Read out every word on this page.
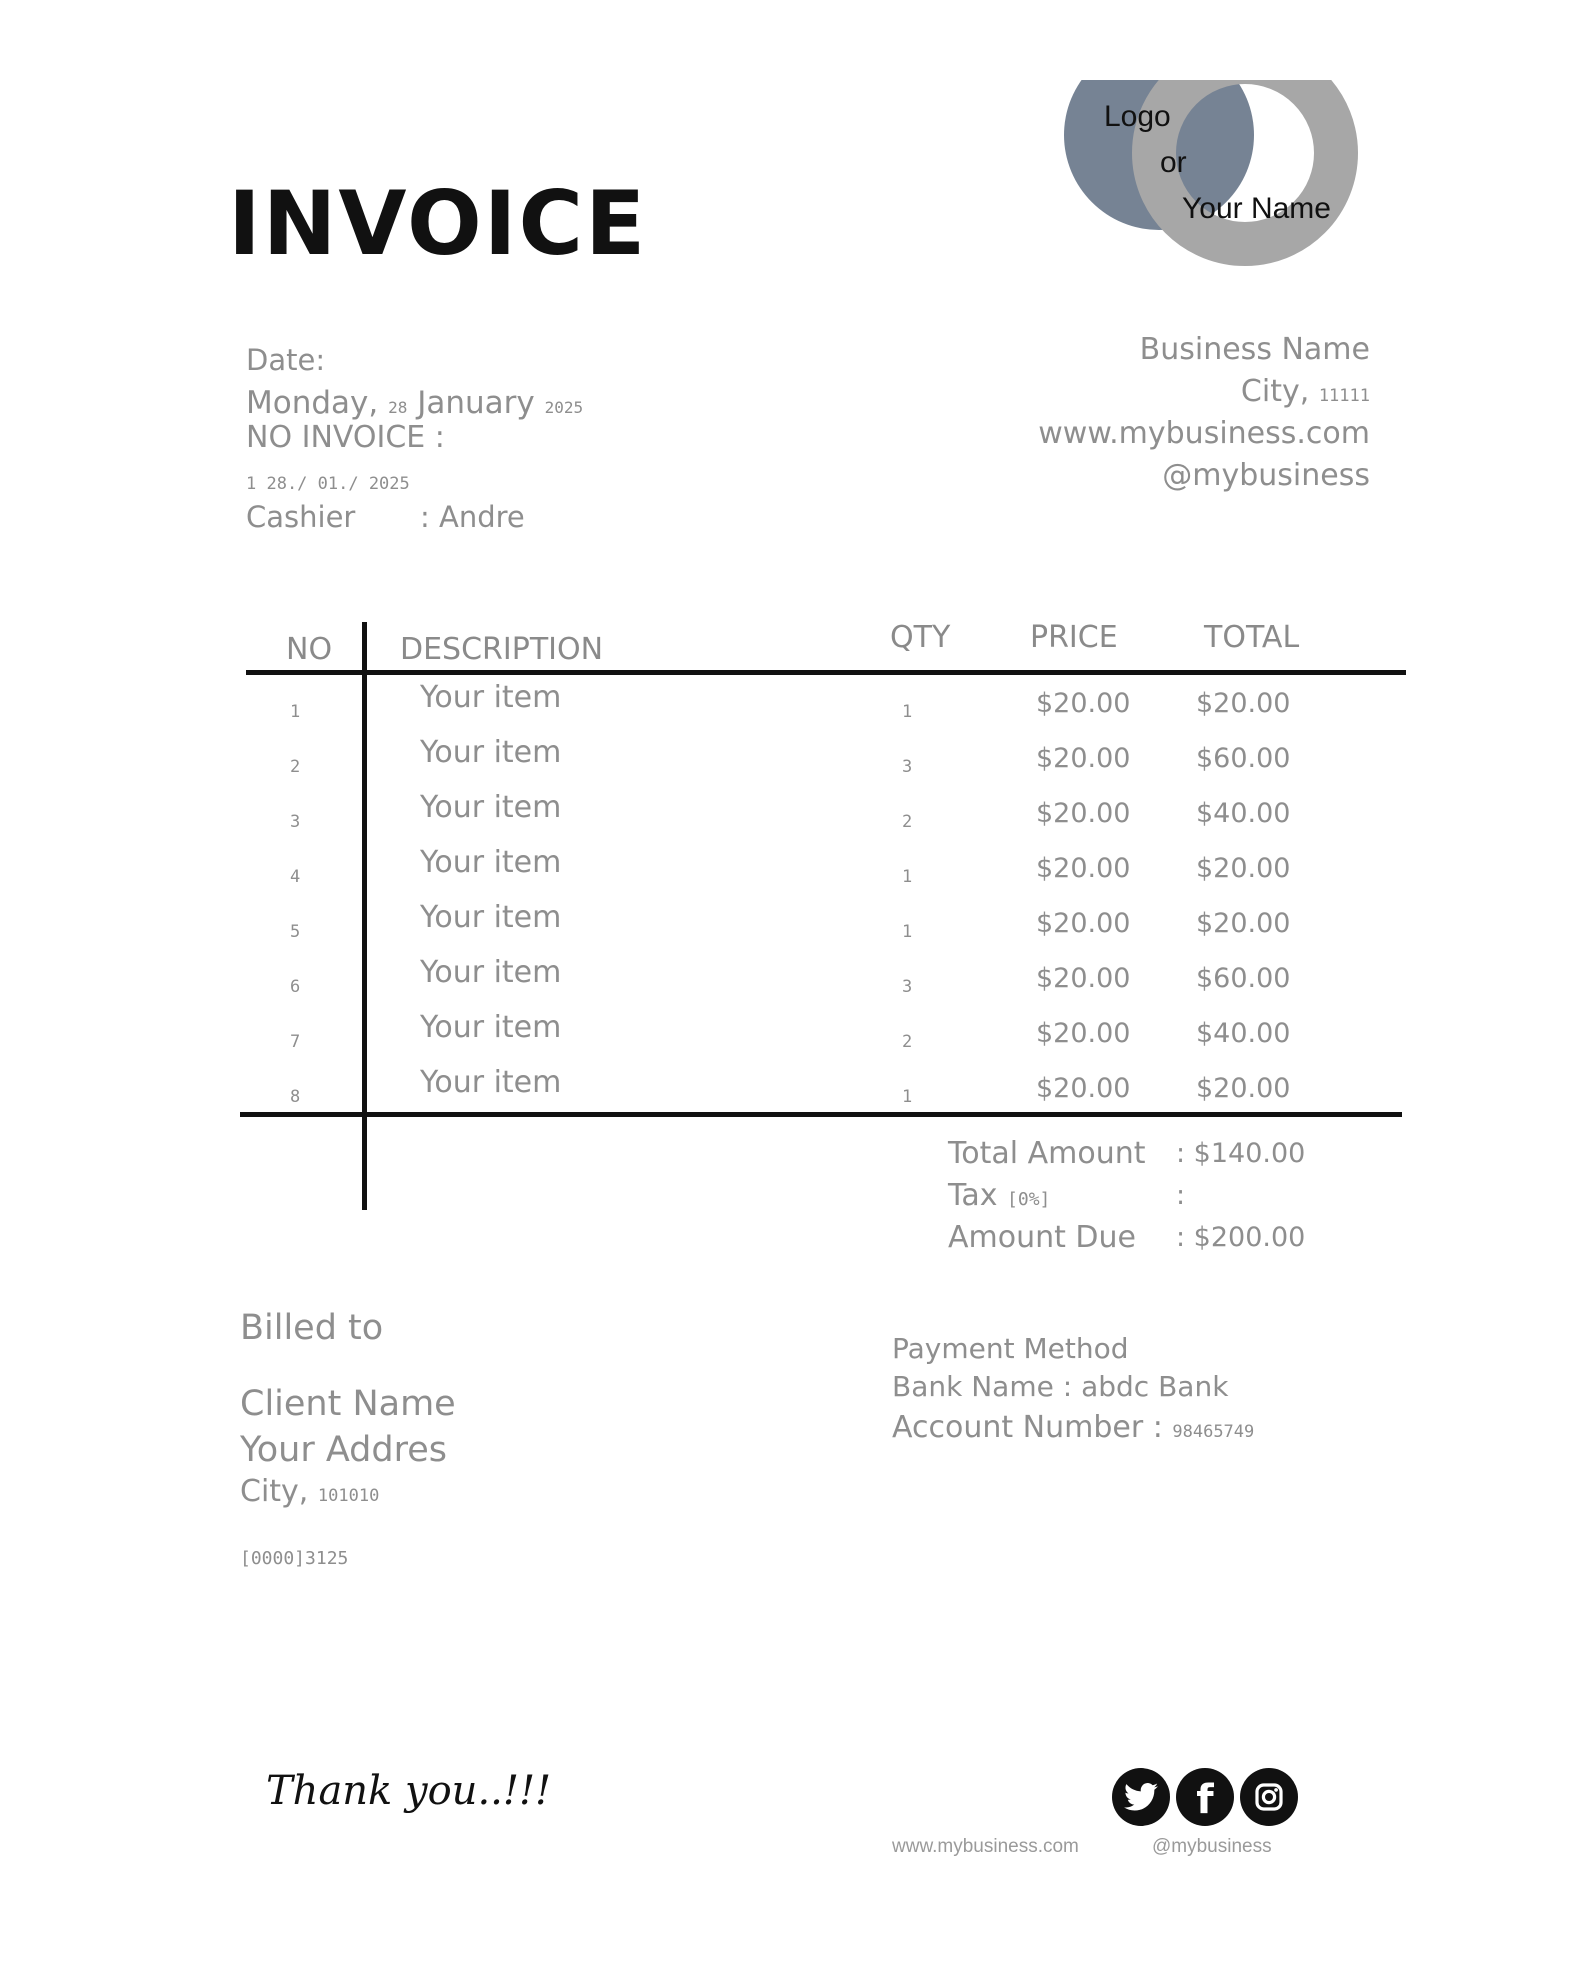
INVOICE
Logo
or
Your Name
Date:
Monday, 28 January 2025
NO INVOICE :
1 28./ 01./ 2025
Cashier : Andre
Business Name
City, 11111
www.mybusiness.com
@mybusiness
NO DESCRIPTION	QTY	PRICE	TOTAL
1	Your item	1	$20.00 $20.00
2	Your item	3	$20.00 $60.00
3	Your item	2	$20.00 $40.00
4	Your item	1	$20.00 $20.00
5	Your item	1	$20.00 $20.00
6	Your item	3	$20.00 $60.00
7	Your item	2	$20.00 $40.00
8	Your item	1	$20.00 $20.00
Total Amount : $140.00
Tax [0%]	:
Amount Due : $200.00
Billed to
Client Name
Your Addres
City, 101010
[0000]3125
Payment Method
Bank Name : abdc Bank
Account Number : 98465749
Thank you..!!!	f
www.mybusiness.com	@mybusiness
